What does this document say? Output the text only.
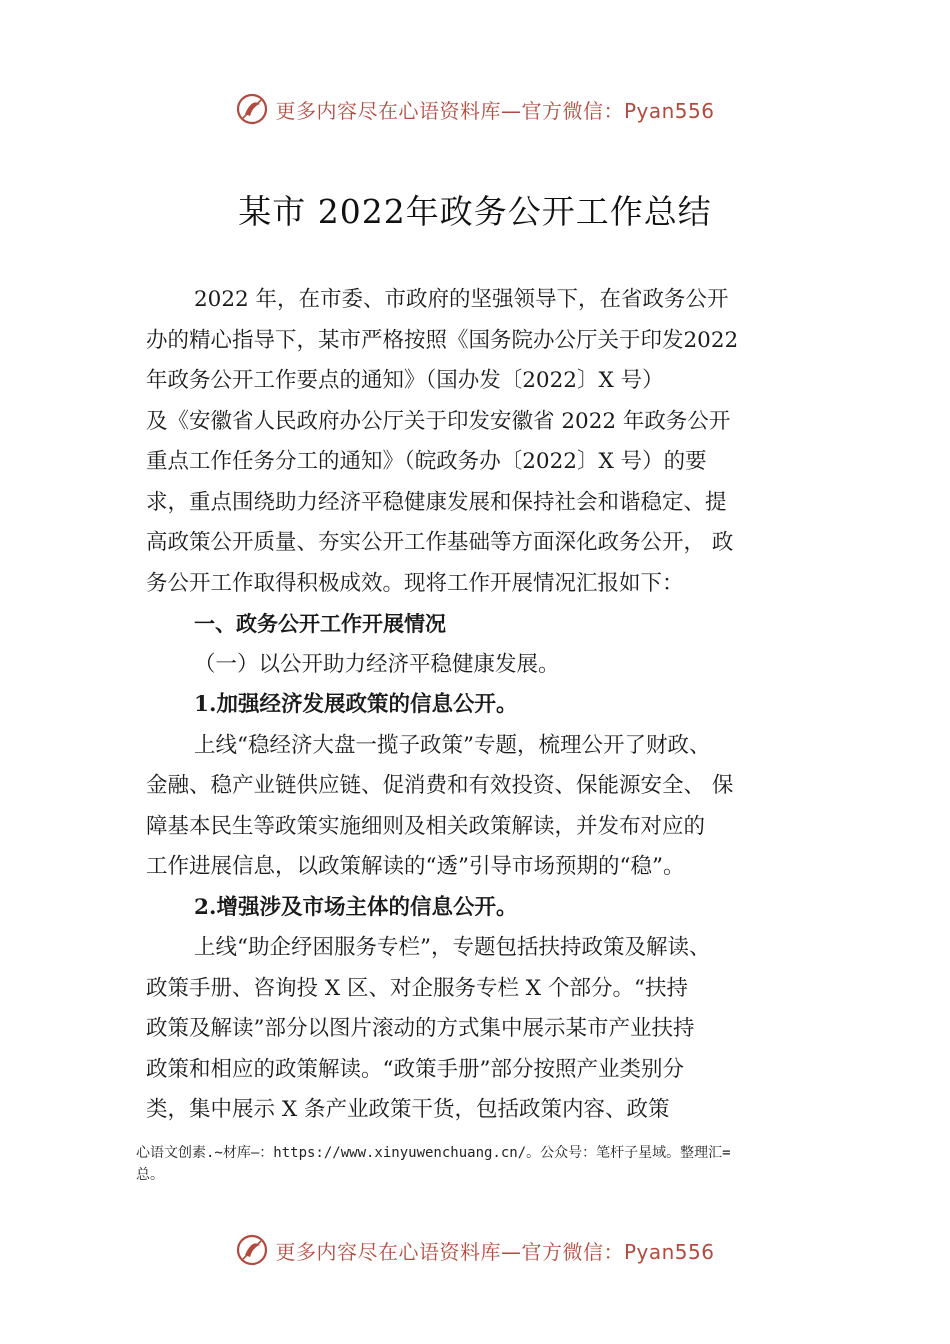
更多内容尽在心语资料库—官方微信：Pyan556
某市 2022年政务公开工作总结
2022 年，在市委、市政府的坚强领导下，在省政务公开
办的精心指导下，某市严格按照《国务院办公厅关于印发2022
年政务公开工作要点的通知》（国办发〔2022〕X 号）
及《安徽省人民政府办公厅关于印发安徽省 2022 年政务公开
重点工作任务分工的通知》（皖政务办〔2022〕X 号）的要
求，重点围绕助力经济平稳健康发展和保持社会和谐稳定、提
高政策公开质量、夯实公开工作基础等方面深化政务公开， 政
务公开工作取得积极成效。现将工作开展情况汇报如下：
一、政务公开工作开展情况
（一）以公开助力经济平稳健康发展。
1.加强经济发展政策的信息公开。
上线“稳经济大盘一揽子政策”专题，梳理公开了财政、
金融、稳产业链供应链、促消费和有效投资、保能源安全、 保
障基本民生等政策实施细则及相关政策解读，并发布对应的
工作进展信息，以政策解读的“透”引导市场预期的“稳”。
2.增强涉及市场主体的信息公开。
上线“助企纾困服务专栏”，专题包括扶持政策及解读、
政策手册、咨询投 X 区、对企服务专栏 X 个部分。“扶持
政策及解读”部分以图片滚动的方式集中展示某市产业扶持
政策和相应的政策解读。“政策手册”部分按照产业类别分
类，集中展示 X 条产业政策干货，包括政策内容、政策
心语文创素.~材库—：https://www.xinyuwenchuang.cn/。公众号：笔杆子星域。整理汇=
总。
更多内容尽在心语资料库—官方微信：Pyan556
